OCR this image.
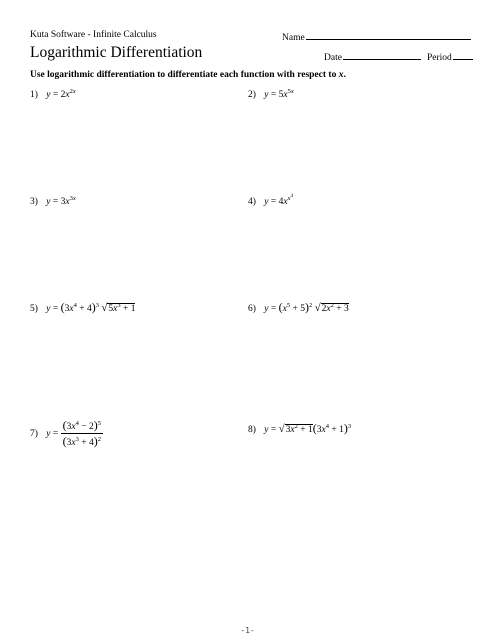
Kuta Software - Infinite Calculus	Name
Logarithmic Differentiation	Date	Period
Use logarithmic differentiation to differentiate each function with respect to x.
1) $y = 2x^{2x}$	2) $y = 5x^{5x}$
3) $y = 3x^{3x}$	4) $y = 4x^{x^4}$
5) $y = (3x^4 + 4)^3$ $√5x^3 + 1$	6) $y = (x^5 + 5)^2$ $√2x^2 + 3$
7) $y = \frac{(3x^4 - 2)^5}{(3x^3 + 4)^2}$	8) $y = √3x^2 + 1(3x^4 + 1)^3$
-1-
